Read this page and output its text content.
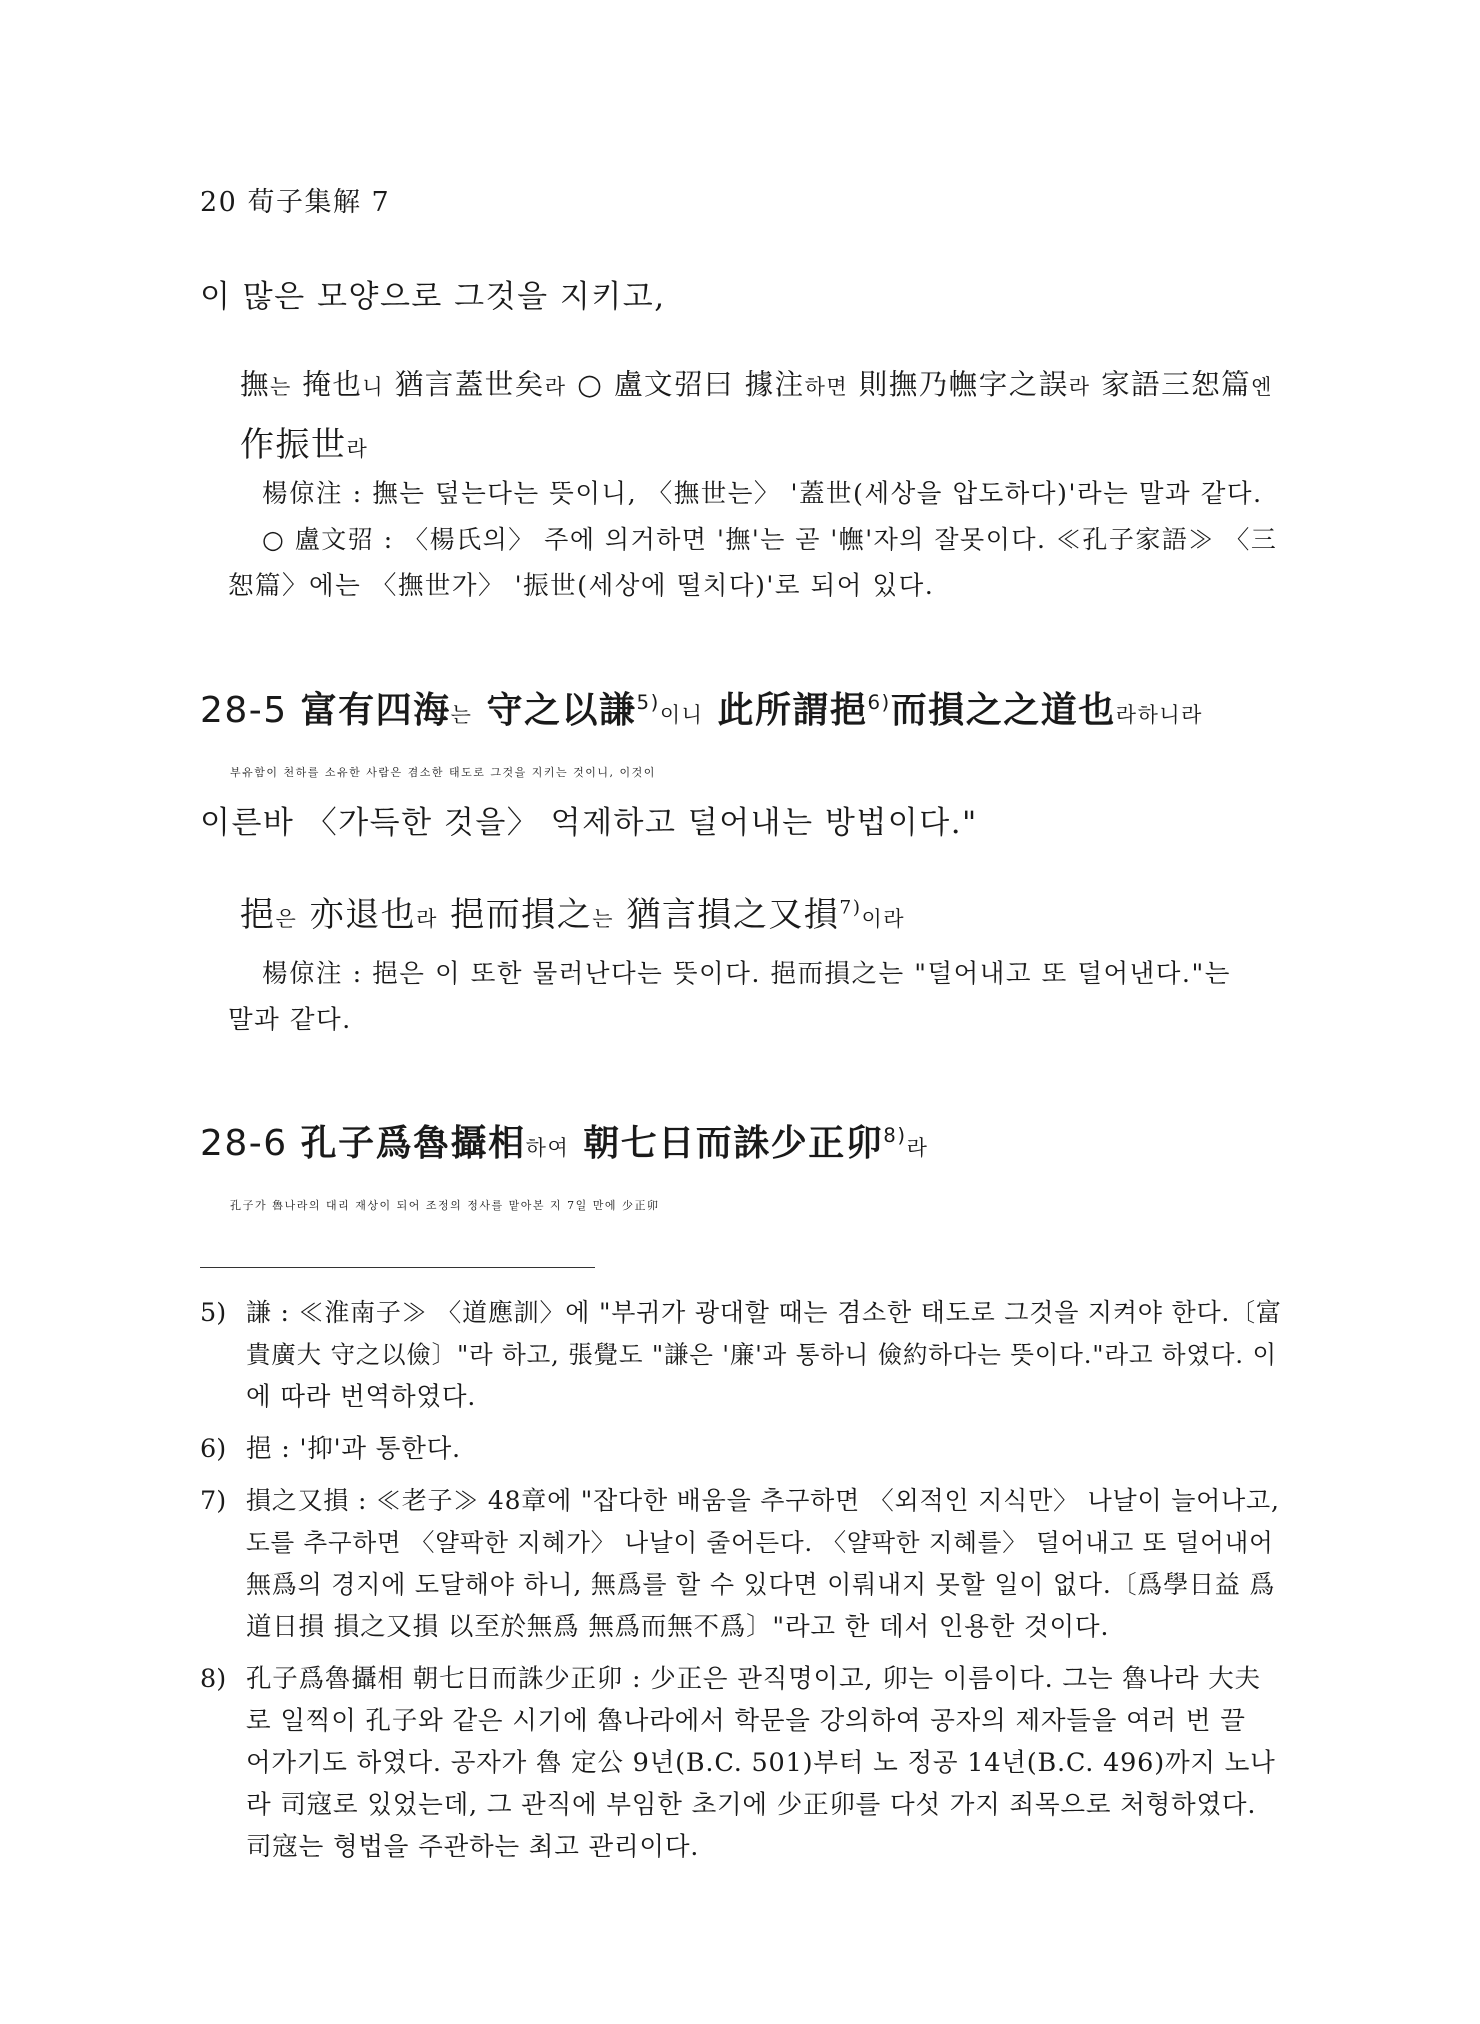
20 荀子集解 7
이 많은 모양으로 그것을 지키고,
撫는 掩也니 猶言蓋世矣라 ○ 盧文弨曰 據注하면 則撫乃幠字之誤라 家語三恕篇엔
作振世라
楊倞注 : 撫는 덮는다는 뜻이니, 〈撫世는〉 '蓋世(세상을 압도하다)'라는 말과 같다.
○ 盧文弨 : 〈楊氏의〉 주에 의거하면 '撫'는 곧 '幠'자의 잘못이다. ≪孔子家語≫ 〈三
恕篇〉에는 〈撫世가〉 '振世(세상에 떨치다)'로 되어 있다.
28-5 富有四海는 守之以謙$^{5)}$이니 此所謂挹$^{6)}$而損之之道也라하니라
부유함이 천하를 소유한 사람은 겸소한 태도로 그것을 지키는 것이니, 이것이
이른바 〈가득한 것을〉 억제하고 덜어내는 방법이다."
挹은 亦退也라 挹而損之는 猶言損之又損$^{7)}$이라
楊倞注 : 挹은 이 또한 물러난다는 뜻이다. 挹而損之는 "덜어내고 또 덜어낸다."는
말과 같다.
28-6 孔子爲魯攝相하여 朝七日而誅少正卯$^{8)}$라
孔子가 魯나라의 대리 재상이 되어 조정의 정사를 맡아본 지 7일 만에 少正卯
5) 謙 : ≪淮南子≫ 〈道應訓〉에 "부귀가 광대할 때는 겸소한 태도로 그것을 지켜야 한다.〔富
貴廣大 守之以儉〕"라 하고, 張覺도 "謙은 '廉'과 통하니 儉約하다는 뜻이다."라고 하였다. 이
에 따라 번역하였다.
6) 挹 : '抑'과 통한다.
7) 損之又損 : ≪老子≫ 48章에 "잡다한 배움을 추구하면 〈외적인 지식만〉 나날이 늘어나고,
도를 추구하면 〈얄팍한 지혜가〉 나날이 줄어든다. 〈얄팍한 지혜를〉 덜어내고 또 덜어내어
無爲의 경지에 도달해야 하니, 無爲를 할 수 있다면 이뤄내지 못할 일이 없다.〔爲學日益 爲
道日損 損之又損 以至於無爲 無爲而無不爲〕"라고 한 데서 인용한 것이다.
8) 孔子爲魯攝相 朝七日而誅少正卯 : 少正은 관직명이고, 卯는 이름이다. 그는 魯나라 大夫
로 일찍이 孔子와 같은 시기에 魯나라에서 학문을 강의하여 공자의 제자들을 여러 번 끌
어가기도 하였다. 공자가 魯 定公 9년(B.C. 501)부터 노 정공 14년(B.C. 496)까지 노나
라 司寇로 있었는데, 그 관직에 부임한 초기에 少正卯를 다섯 가지 죄목으로 처형하였다.
司寇는 형법을 주관하는 최고 관리이다.
